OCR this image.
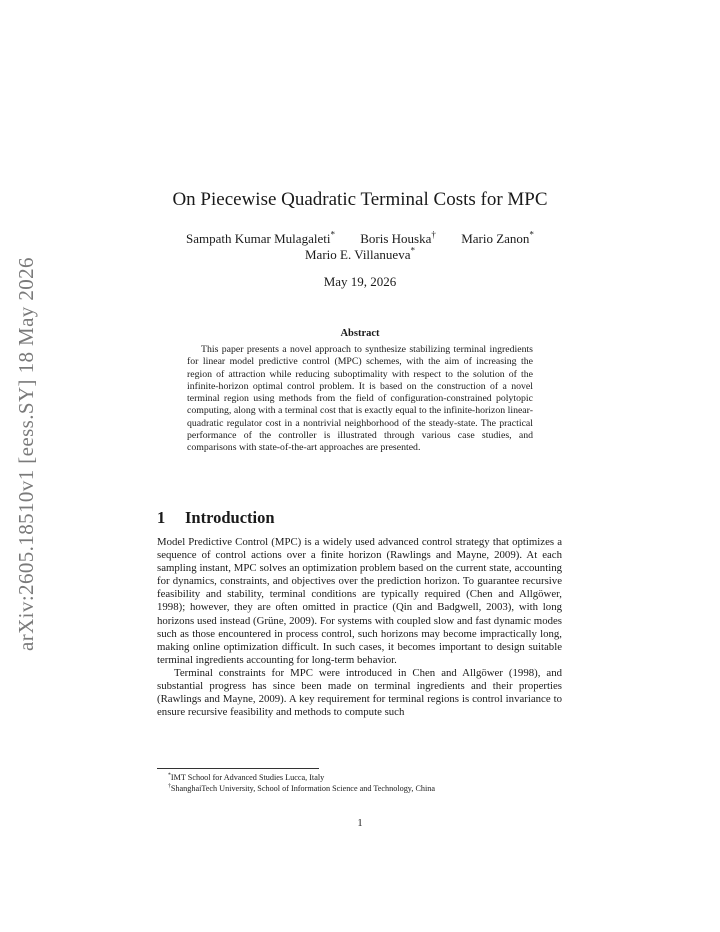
arXiv:2605.18510v1 [eess.SY] 18 May 2026
On Piecewise Quadratic Terminal Costs for MPC
Sampath Kumar Mulagaleti* Boris Houska† Mario Zanon*
Mario E. Villanueva*
May 19, 2026
Abstract

This paper presents a novel approach to synthesize stabilizing terminal ingredients for linear model predictive control (MPC) schemes, with the aim of increasing the region of attraction while reducing suboptimality with respect to the solution of the infinite-horizon optimal control problem. It is based on the construction of a novel terminal region using methods from the field of configuration-constrained polytopic computing, along with a terminal cost that is exactly equal to the infinite-horizon linear-quadratic regulator cost in a nontrivial neighborhood of the steady-state. The practical performance of the controller is illustrated through various case studies, and comparisons with state-of-the-art approaches are presented.

1 Introduction

Model Predictive Control (MPC) is a widely used advanced control strategy that optimizes a sequence of control actions over a finite horizon (Rawlings and Mayne, 2009). At each sampling instant, MPC solves an optimization problem based on the current state, accounting for dynamics, constraints, and objectives over the prediction horizon. To guarantee recursive feasibility and stability, terminal conditions are typically required (Chen and Allgöwer, 1998); however, they are often omitted in practice (Qin and Badgwell, 2003), with long horizons used instead (Grüne, 2009). For systems with coupled slow and fast dynamic modes such as those encountered in process control, such horizons may become impractically long, making online optimization difficult. In such cases, it becomes important to design suitable terminal ingredients accounting for long-term behavior.

Terminal constraints for MPC were introduced in Chen and Allgöwer (1998), and substantial progress has since been made on terminal ingredients and their properties (Rawlings and Mayne, 2009). A key requirement for terminal regions is control invariance to ensure recursive feasibility and methods to compute such

*IMT School for Advanced Studies Lucca, Italy
†ShanghaiTech University, School of Information Science and Technology, China
1
